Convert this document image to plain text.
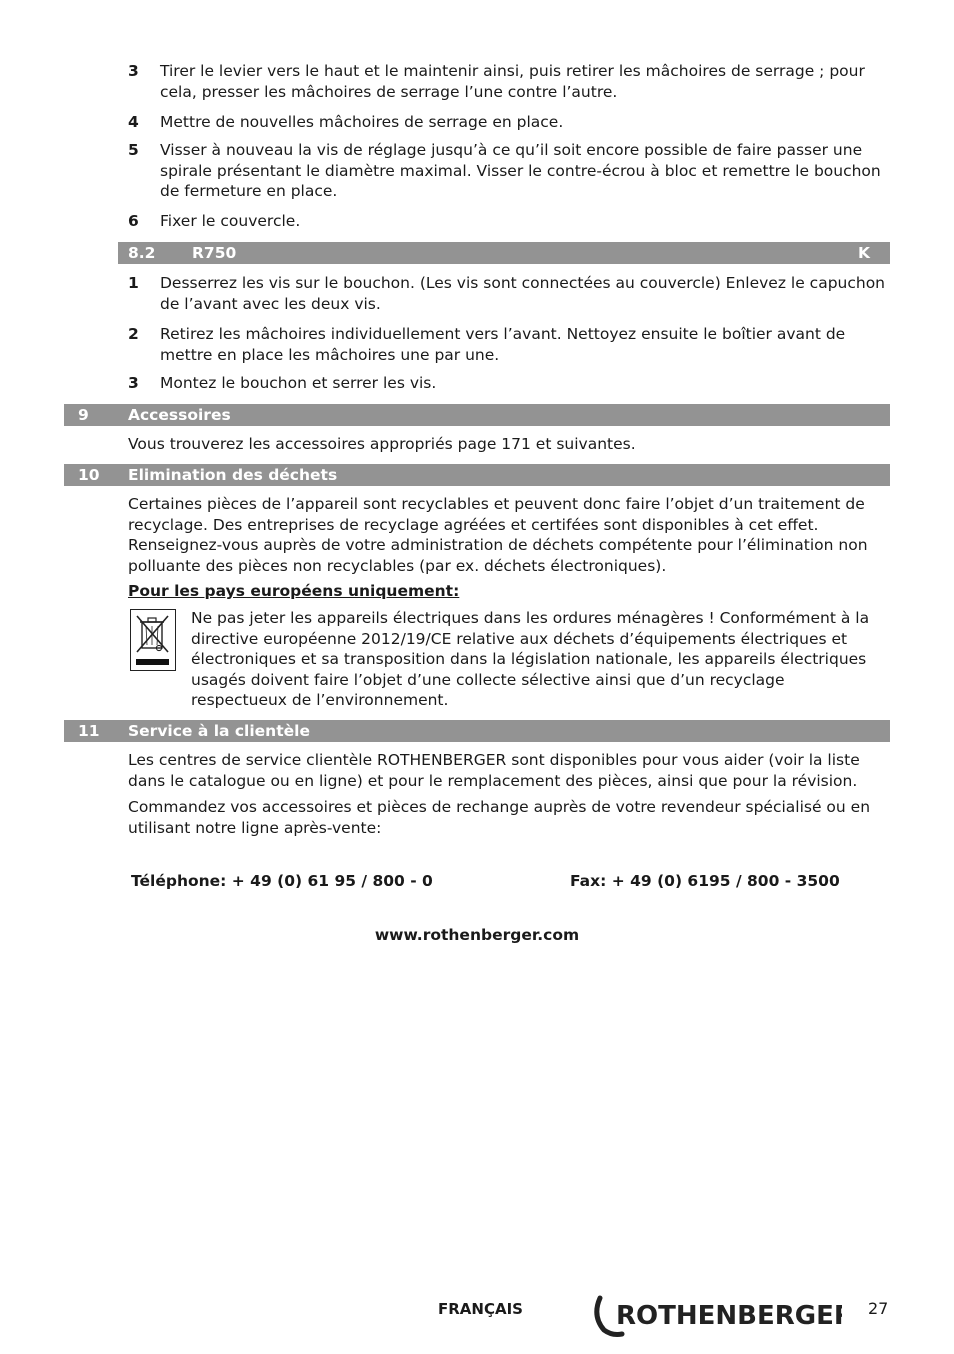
3 Tirer le levier vers le haut et le maintenir ainsi, puis retirer les mâchoires de serrage ; pour cela, presser les mâchoires de serrage l’une contre l’autre.
4 Mettre de nouvelles mâchoires de serrage en place.
5 Visser à nouveau la vis de réglage jusqu’à ce qu’il soit encore possible de faire passer une spirale présentant le diamètre maximal. Visser le contre-écrou à bloc et remettre le bouchon de fermeture en place.
6 Fixer le couvercle.
8.2 R750	K
1 Desserrez les vis sur le bouchon. (Les vis sont connectées au couvercle) Enlevez le capuchon de l’avant avec les deux vis.
2 Retirez les mâchoires individuellement vers l’avant. Nettoyez ensuite le boîtier avant de mettre en place les mâchoires une par une.
3 Montez le bouchon et serrer les vis.
9	Accessoires
Vous trouverez les accessoires appropriés page 171 et suivantes.
10 Elimination des déchets
Certaines pièces de l’appareil sont recyclables et peuvent donc faire l’objet d’un traitement de recyclage. Des entreprises de recyclage agréées et certifées sont disponibles à cet effet. Renseignez-vous auprès de votre administration de déchets compétente pour l’élimination non polluante des pièces non recyclables (par ex. déchets électroniques).
Pour les pays européens uniquement:
Ne pas jeter les appareils électriques dans les ordures ménagères ! Conformément à la directive européenne 2012/19/CE relative aux déchets d’équipements électriques et électroniques et sa transposition dans la législation nationale, les appareils électriques usagés doivent faire l’objet d’une collecte sélective ainsi que d’un recyclage respectueux de l’environnement.
11 Service à la clientèle
Les centres de service clientèle ROTHENBERGER sont disponibles pour vous aider (voir la liste dans le catalogue ou en ligne) et pour le remplacement des pièces, ainsi que pour la révision.
Commandez vos accessoires et pièces de rechange auprès de votre revendeur spécialisé ou en utilisant notre ligne après-vente:
Téléphone: + 49 (0) 61 95 / 800 - 0	Fax: + 49 (0) 6195 / 800 - 3500
www.rothenberger.com
FRANÇAIS	ROTHENBERGER 27
